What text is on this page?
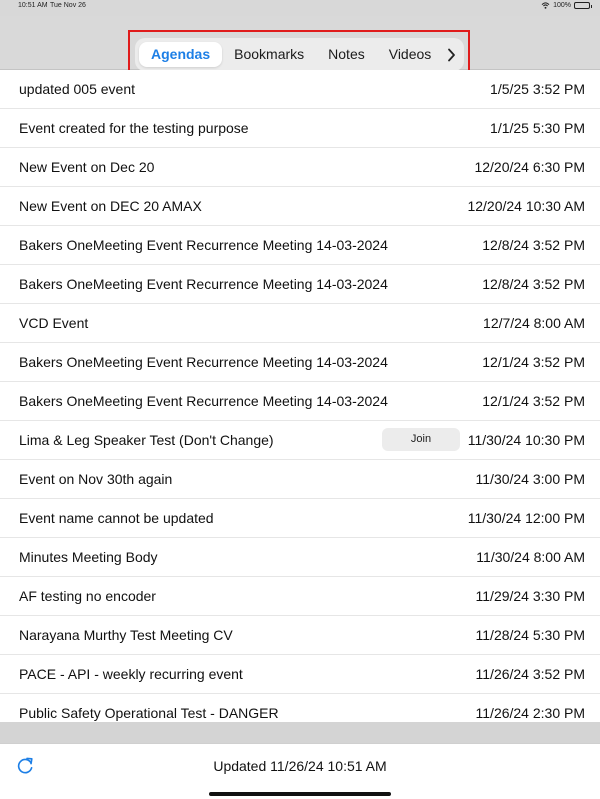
10:51 AM Tue Nov 26	100%
Agendas	Bookmarks	Notes	Videos
updated 005 event	1/5/25 3:52 PM
Event created for the testing purpose	1/1/25 5:30 PM
New Event on Dec 20	12/20/24 6:30 PM
New Event on DEC 20 AMAX	12/20/24 10:30 AM
Bakers OneMeeting Event Recurrence Meeting 14-03-2024	12/8/24 3:52 PM
Bakers OneMeeting Event Recurrence Meeting 14-03-2024	12/8/24 3:52 PM
VCD Event	12/7/24 8:00 AM
Bakers OneMeeting Event Recurrence Meeting 14-03-2024	12/1/24 3:52 PM
Bakers OneMeeting Event Recurrence Meeting 14-03-2024	12/1/24 3:52 PM
Lima & Leg Speaker Test (Don't Change)	Join	11/30/24 10:30 PM
Event on Nov 30th again	11/30/24 3:00 PM
Event name cannot be updated	11/30/24 12:00 PM
Minutes Meeting Body	11/30/24 8:00 AM
AF testing no encoder	11/29/24 3:30 PM
Narayana Murthy Test Meeting CV	11/28/24 5:30 PM
PACE - API - weekly recurring event	11/26/24 3:52 PM
Public Safety Operational Test - DANGER	11/26/24 2:30 PM
Updated 11/26/24 10:51 AM
